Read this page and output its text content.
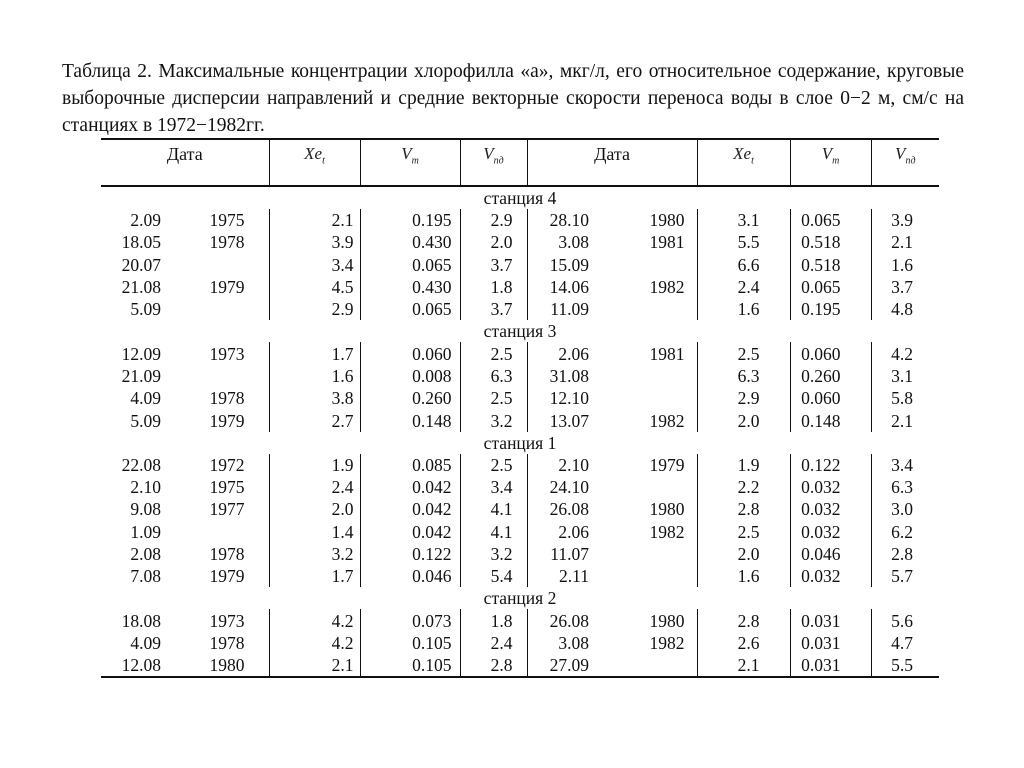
Таблица 2. Максимальные концентрации хлорофилла «а», мкг/л, его относительное содержание, круговые выборочные дисперсии направлений и средние векторные скорости переноса воды в слое 0−2 м, см/с на станциях в 1972−1982гг.

Дата		$Xe_t$	$V_m$	$V_{пд}$	Дата		$Xe_t$	$V_m$	$V_{пд}$
станция 4									
2.09	1975	2.1	0.195	2.9	28.10	1980	3.1	0.065	3.9
18.05	1978	3.9	0.430	2.0	3.08	1981	5.5	0.518	2.1
20.07		3.4	0.065	3.7	15.09		6.6	0.518	1.6
21.08	1979	4.5	0.430	1.8	14.06	1982	2.4	0.065	3.7
5.09		2.9	0.065	3.7	11.09		1.6	0.195	4.8
станция 3									
12.09	1973	1.7	0.060	2.5	2.06	1981	2.5	0.060	4.2
21.09		1.6	0.008	6.3	31.08		6.3	0.260	3.1
4.09	1978	3.8	0.260	2.5	12.10		2.9	0.060	5.8
5.09	1979	2.7	0.148	3.2	13.07	1982	2.0	0.148	2.1
станция 1									
22.08	1972	1.9	0.085	2.5	2.10	1979	1.9	0.122	3.4
2.10	1975	2.4	0.042	3.4	24.10		2.2	0.032	6.3
9.08	1977	2.0	0.042	4.1	26.08	1980	2.8	0.032	3.0
1.09		1.4	0.042	4.1	2.06	1982	2.5	0.032	6.2
2.08	1978	3.2	0.122	3.2	11.07		2.0	0.046	2.8
7.08	1979	1.7	0.046	5.4	2.11		1.6	0.032	5.7
станция 2									
18.08	1973	4.2	0.073	1.8	26.08	1980	2.8	0.031	5.6
4.09	1978	4.2	0.105	2.4	3.08	1982	2.6	0.031	4.7
12.08	1980	2.1	0.105	2.8	27.09		2.1	0.031	5.5
